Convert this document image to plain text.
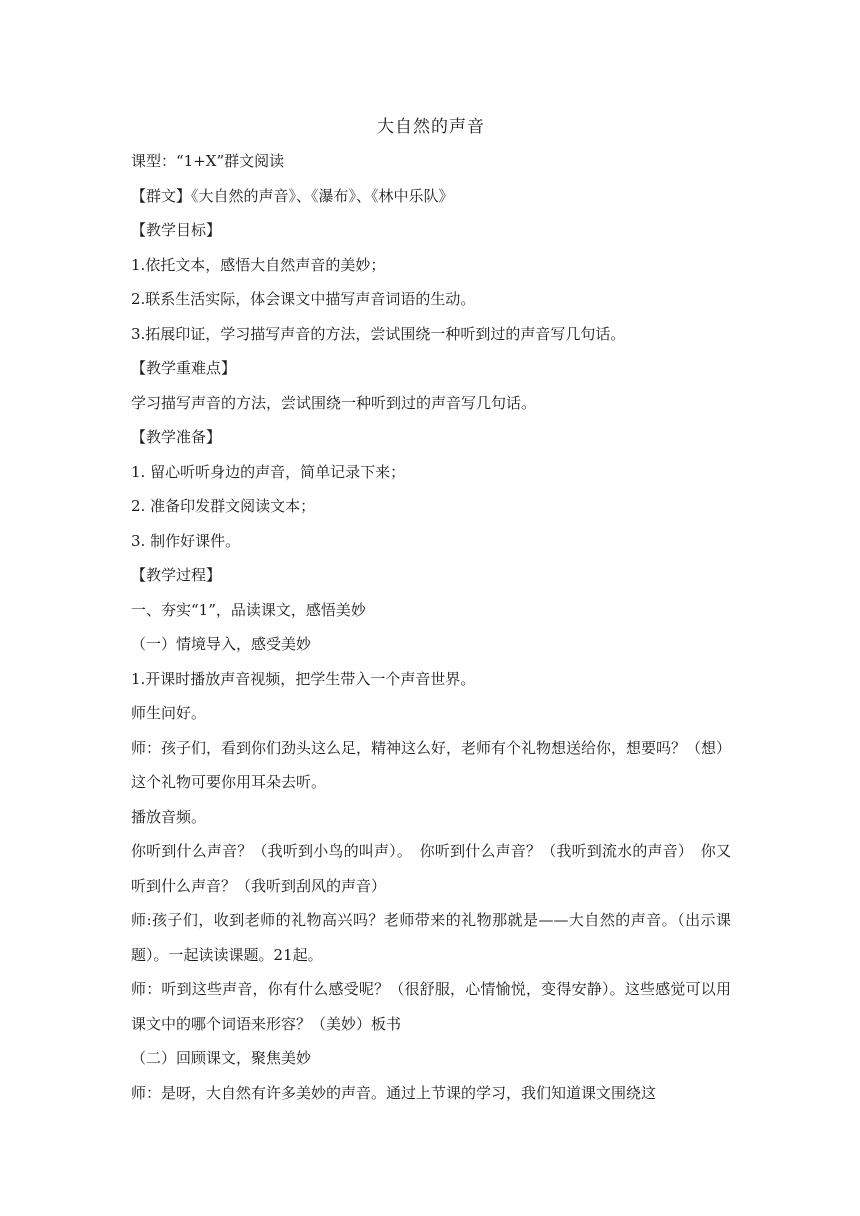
大自然的声音

课型：“1+X”群文阅读

【群文】《大自然的声音》、《瀑布》、《林中乐队》

【教学目标】

1.依托文本，感悟大自然声音的美妙；

2.联系生活实际，体会课文中描写声音词语的生动。

3.拓展印证，学习描写声音的方法，尝试围绕一种听到过的声音写几句话。

【教学重难点】

学习描写声音的方法，尝试围绕一种听到过的声音写几句话。

【教学准备】

1. 留心听听身边的声音，简单记录下来；

2. 准备印发群文阅读文本；

3. 制作好课件。

【教学过程】

一、夯实“1”，品读课文，感悟美妙

（一）情境导入，感受美妙

1.开课时播放声音视频，把学生带入一个声音世界。

师生问好。

师：孩子们，看到你们劲头这么足，精神这么好，老师有个礼物想送给你，想要吗？（想）这个礼物可要你用耳朵去听。

播放音频。

你听到什么声音？（我听到小鸟的叫声）。　你听到什么声音？（我听到流水的声音）　你又听到什么声音？（我听到刮风的声音）

师:孩子们，收到老师的礼物高兴吗？老师带来的礼物那就是——大自然的声音。（出示课题）。一起读读课题。21起。

师：听到这些声音，你有什么感受呢？（很舒服，心情愉悦，变得安静）。这些感觉可以用课文中的哪个词语来形容？（美妙）板书

（二）回顾课文，聚焦美妙

师：是呀，大自然有许多美妙的声音。通过上节课的学习，我们知道课文围绕这
